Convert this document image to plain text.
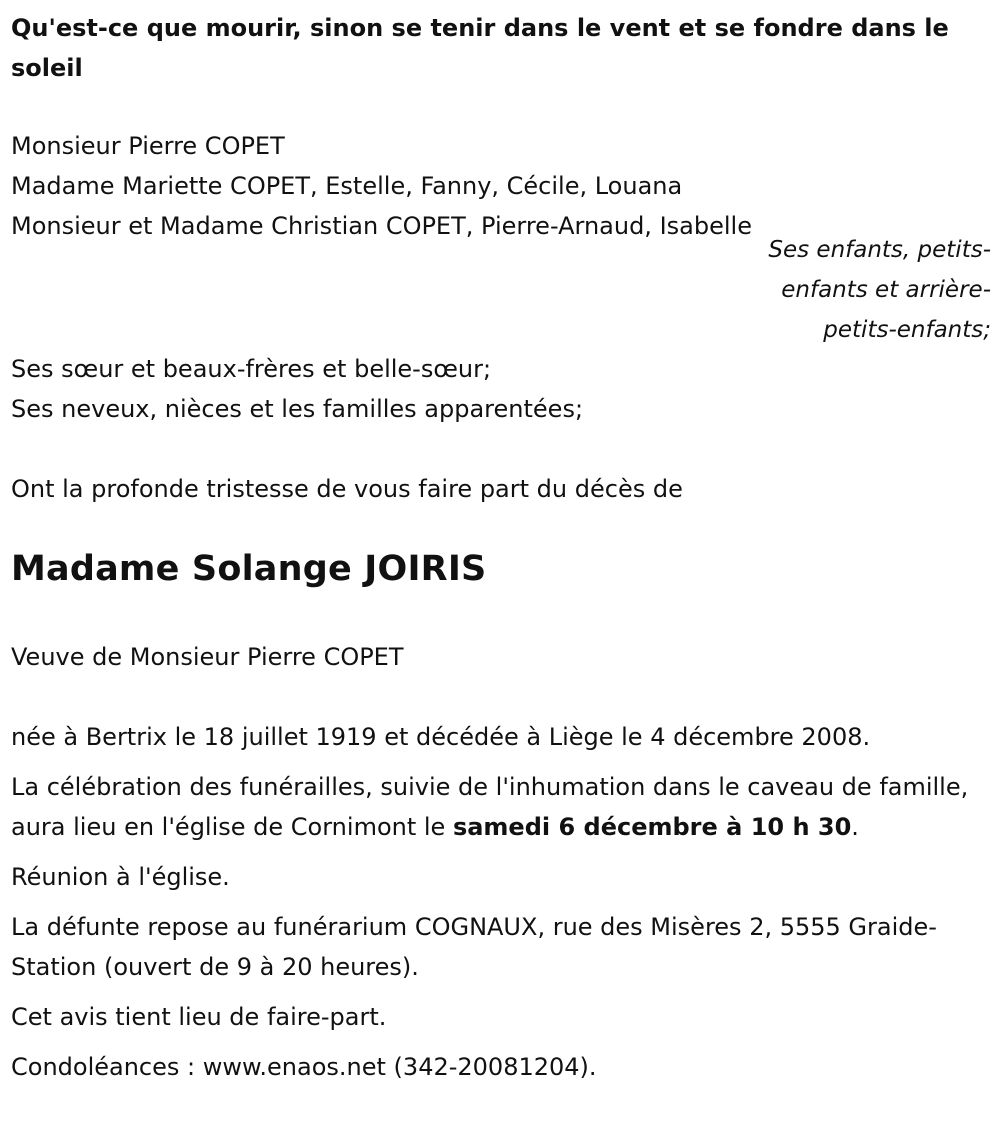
Qu'est-ce que mourir, sinon se tenir dans le vent et se fondre dans le soleil

Monsieur Pierre COPET
Madame Mariette COPET, Estelle, Fanny, Cécile, Louana
Monsieur et Madame Christian COPET, Pierre-Arnaud, Isabelle

Ses enfants, petits-enfants et arrière-petits-enfants;

Ses sœur et beaux-frères et belle-sœur;
Ses neveux, nièces et les familles apparentées;

Ont la profonde tristesse de vous faire part du décès de

Madame Solange JOIRIS

Veuve de Monsieur Pierre COPET

née à Bertrix le 18 juillet 1919 et décédée à Liège le 4 décembre 2008.

La célébration des funérailles, suivie de l'inhumation dans le caveau de famille, aura lieu en l'église de Cornimont le samedi 6 décembre à 10 h 30.

Réunion à l'église.

La défunte repose au funérarium COGNAUX, rue des Misères 2, 5555 Graide-Station (ouvert de 9 à 20 heures).

Cet avis tient lieu de faire-part.

Condoléances : www.enaos.net (342-20081204).
